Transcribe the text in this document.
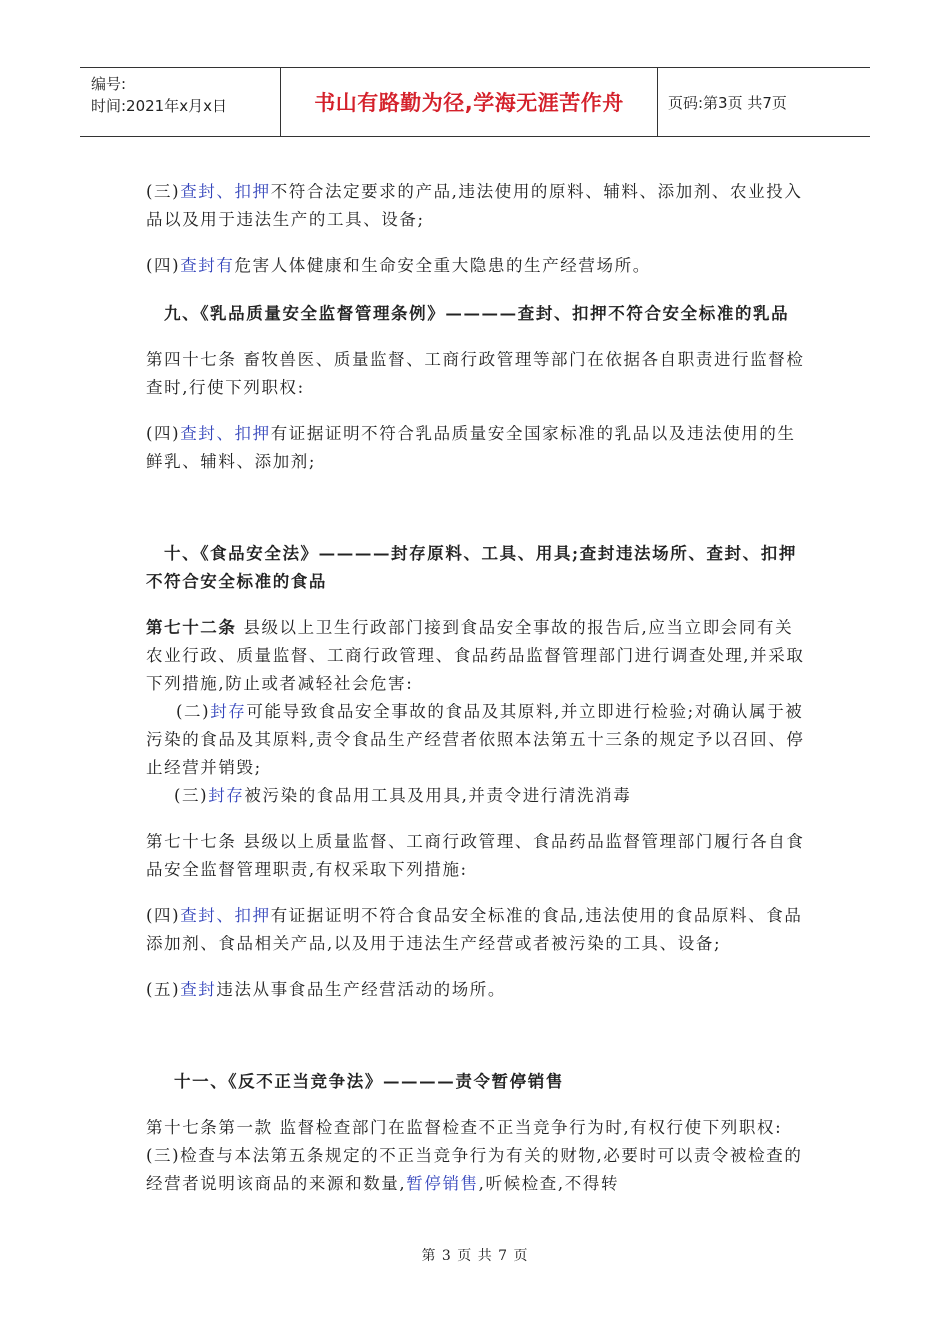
编号:
时间:2021年x月x日	书山有路勤为径,学海无涯苦作舟	页码:第3页 共7页

(三)查封、扣押不符合法定要求的产品,违法使用的原料、辅料、添加剂、农业投入品以及用于违法生产的工具、设备;

(四)查封有危害人体健康和生命安全重大隐患的生产经营场所。

九、《乳品质量安全监督管理条例》————查封、扣押不符合安全标准的乳品

第四十七条 畜牧兽医、质量监督、工商行政管理等部门在依据各自职责进行监督检查时,行使下列职权:

(四)查封、扣押有证据证明不符合乳品质量安全国家标准的乳品以及违法使用的生鲜乳、辅料、添加剂;

十、《食品安全法》————封存原料、工具、用具;查封违法场所、查封、扣押不符合安全标准的食品

第七十二条 县级以上卫生行政部门接到食品安全事故的报告后,应当立即会同有关农业行政、质量监督、工商行政管理、食品药品监督管理部门进行调查处理,并采取下列措施,防止或者减轻社会危害:

(二)封存可能导致食品安全事故的食品及其原料,并立即进行检验;对确认属于被污染的食品及其原料,责令食品生产经营者依照本法第五十三条的规定予以召回、停止经营并销毁;

(三)封存被污染的食品用工具及用具,并责令进行清洗消毒

第七十七条 县级以上质量监督、工商行政管理、食品药品监督管理部门履行各自食品安全监督管理职责,有权采取下列措施:

(四)查封、扣押有证据证明不符合食品安全标准的食品,违法使用的食品原料、食品添加剂、食品相关产品,以及用于违法生产经营或者被污染的工具、设备;

(五)查封违法从事食品生产经营活动的场所。

十一、《反不正当竞争法》————责令暂停销售

第十七条第一款 监督检查部门在监督检查不正当竞争行为时,有权行使下列职权:(三)检查与本法第五条规定的不正当竞争行为有关的财物,必要时可以责令被检查的经营者说明该商品的来源和数量,暂停销售,听候检查,不得转

第 3 页 共 7 页
